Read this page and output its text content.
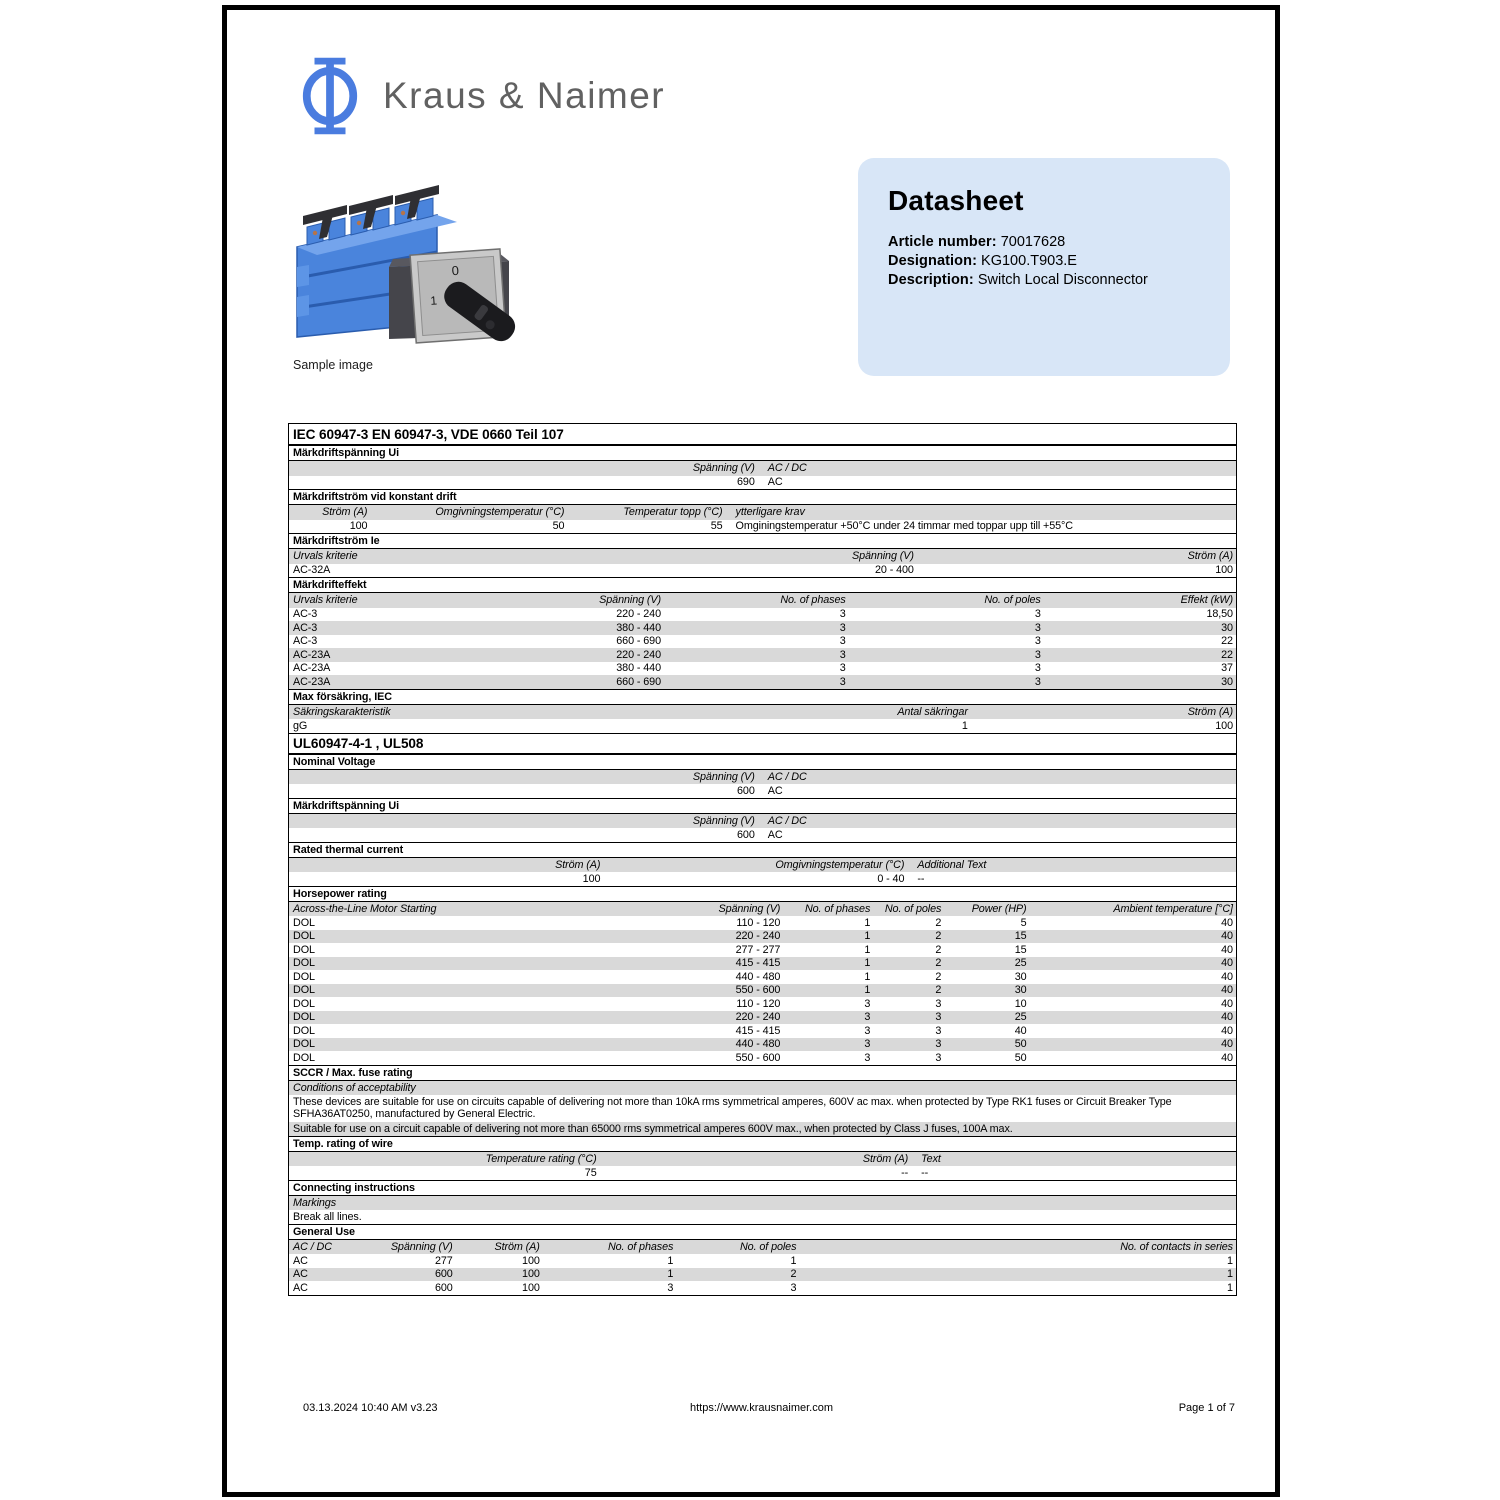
Kraus & Naimer
0
1
Sample image
Datasheet
Article number: 70017628
Designation: KG100.T903.E
Description: Switch Local Disconnector
IEC 60947-3 EN 60947-3, VDE 0660 Teil 107
Märkdriftspänning Ui
Spänning (V)	AC / DC
690	AC
Märkdriftström vid konstant drift
Ström (A)	Omgivningstemperatur (°C)	Temperatur topp (°C)	ytterligare krav
100	50	55	Omginingstemperatur +50°C under 24 timmar med toppar upp till +55°C
Märkdriftström Ie
Urvals kriterie	Spänning (V)	Ström (A)
AC-32A	20 - 400	100
Märkdrifteffekt
Urvals kriterie	Spänning (V)	No. of phases	No. of poles	Effekt (kW)
AC-3	220 - 240	3	3	18,50
AC-3	380 - 440	3	3	30
AC-3	660 - 690	3	3	22
AC-23A	220 - 240	3	3	22
AC-23A	380 - 440	3	3	37
AC-23A	660 - 690	3	3	30
Max försäkring, IEC
Säkringskarakteristik	Antal säkringar	Ström (A)
gG	1	100
UL60947-4-1 , UL508
Nominal Voltage
Spänning (V)	AC / DC
600	AC
Märkdriftspänning Ui
Spänning (V)	AC / DC
600	AC
Rated thermal current
Ström (A)	Omgivningstemperatur (°C)	Additional Text
100	0 - 40	--
Horsepower rating
Across-the-Line Motor Starting	Spänning (V)	No. of phases	No. of poles	Power (HP)	Ambient temperature [°C]
DOL	110 - 120	1	2	5	40
DOL	220 - 240	1	2	15	40
DOL	277 - 277	1	2	15	40
DOL	415 - 415	1	2	25	40
DOL	440 - 480	1	2	30	40
DOL	550 - 600	1	2	30	40
DOL	110 - 120	3	3	10	40
DOL	220 - 240	3	3	25	40
DOL	415 - 415	3	3	40	40
DOL	440 - 480	3	3	50	40
DOL	550 - 600	3	3	50	40
SCCR / Max. fuse rating
Conditions of acceptability
These devices are suitable for use on circuits capable of delivering not more than 10kA rms symmetrical amperes, 600V ac max. when protected by Type RK1 fuses or Circuit Breaker Type SFHA36AT0250, manufactured by General Electric.
Suitable for use on a circuit capable of delivering not more than 65000 rms symmetrical amperes 600V max., when protected by Class J fuses, 100A max.
Temp. rating of wire
Temperature rating (°C)	Ström (A)	Text
75	--	--
Connecting instructions
Markings
Break all lines.
General Use
AC / DC	Spänning (V)	Ström (A)	No. of phases	No. of poles	No. of contacts in series
AC	277	100	1	1	1
AC	600	100	1	2	1
AC	600	100	3	3	1
03.13.2024 10:40 AM v3.23	https://www.krausnaimer.com	Page 1 of 7
